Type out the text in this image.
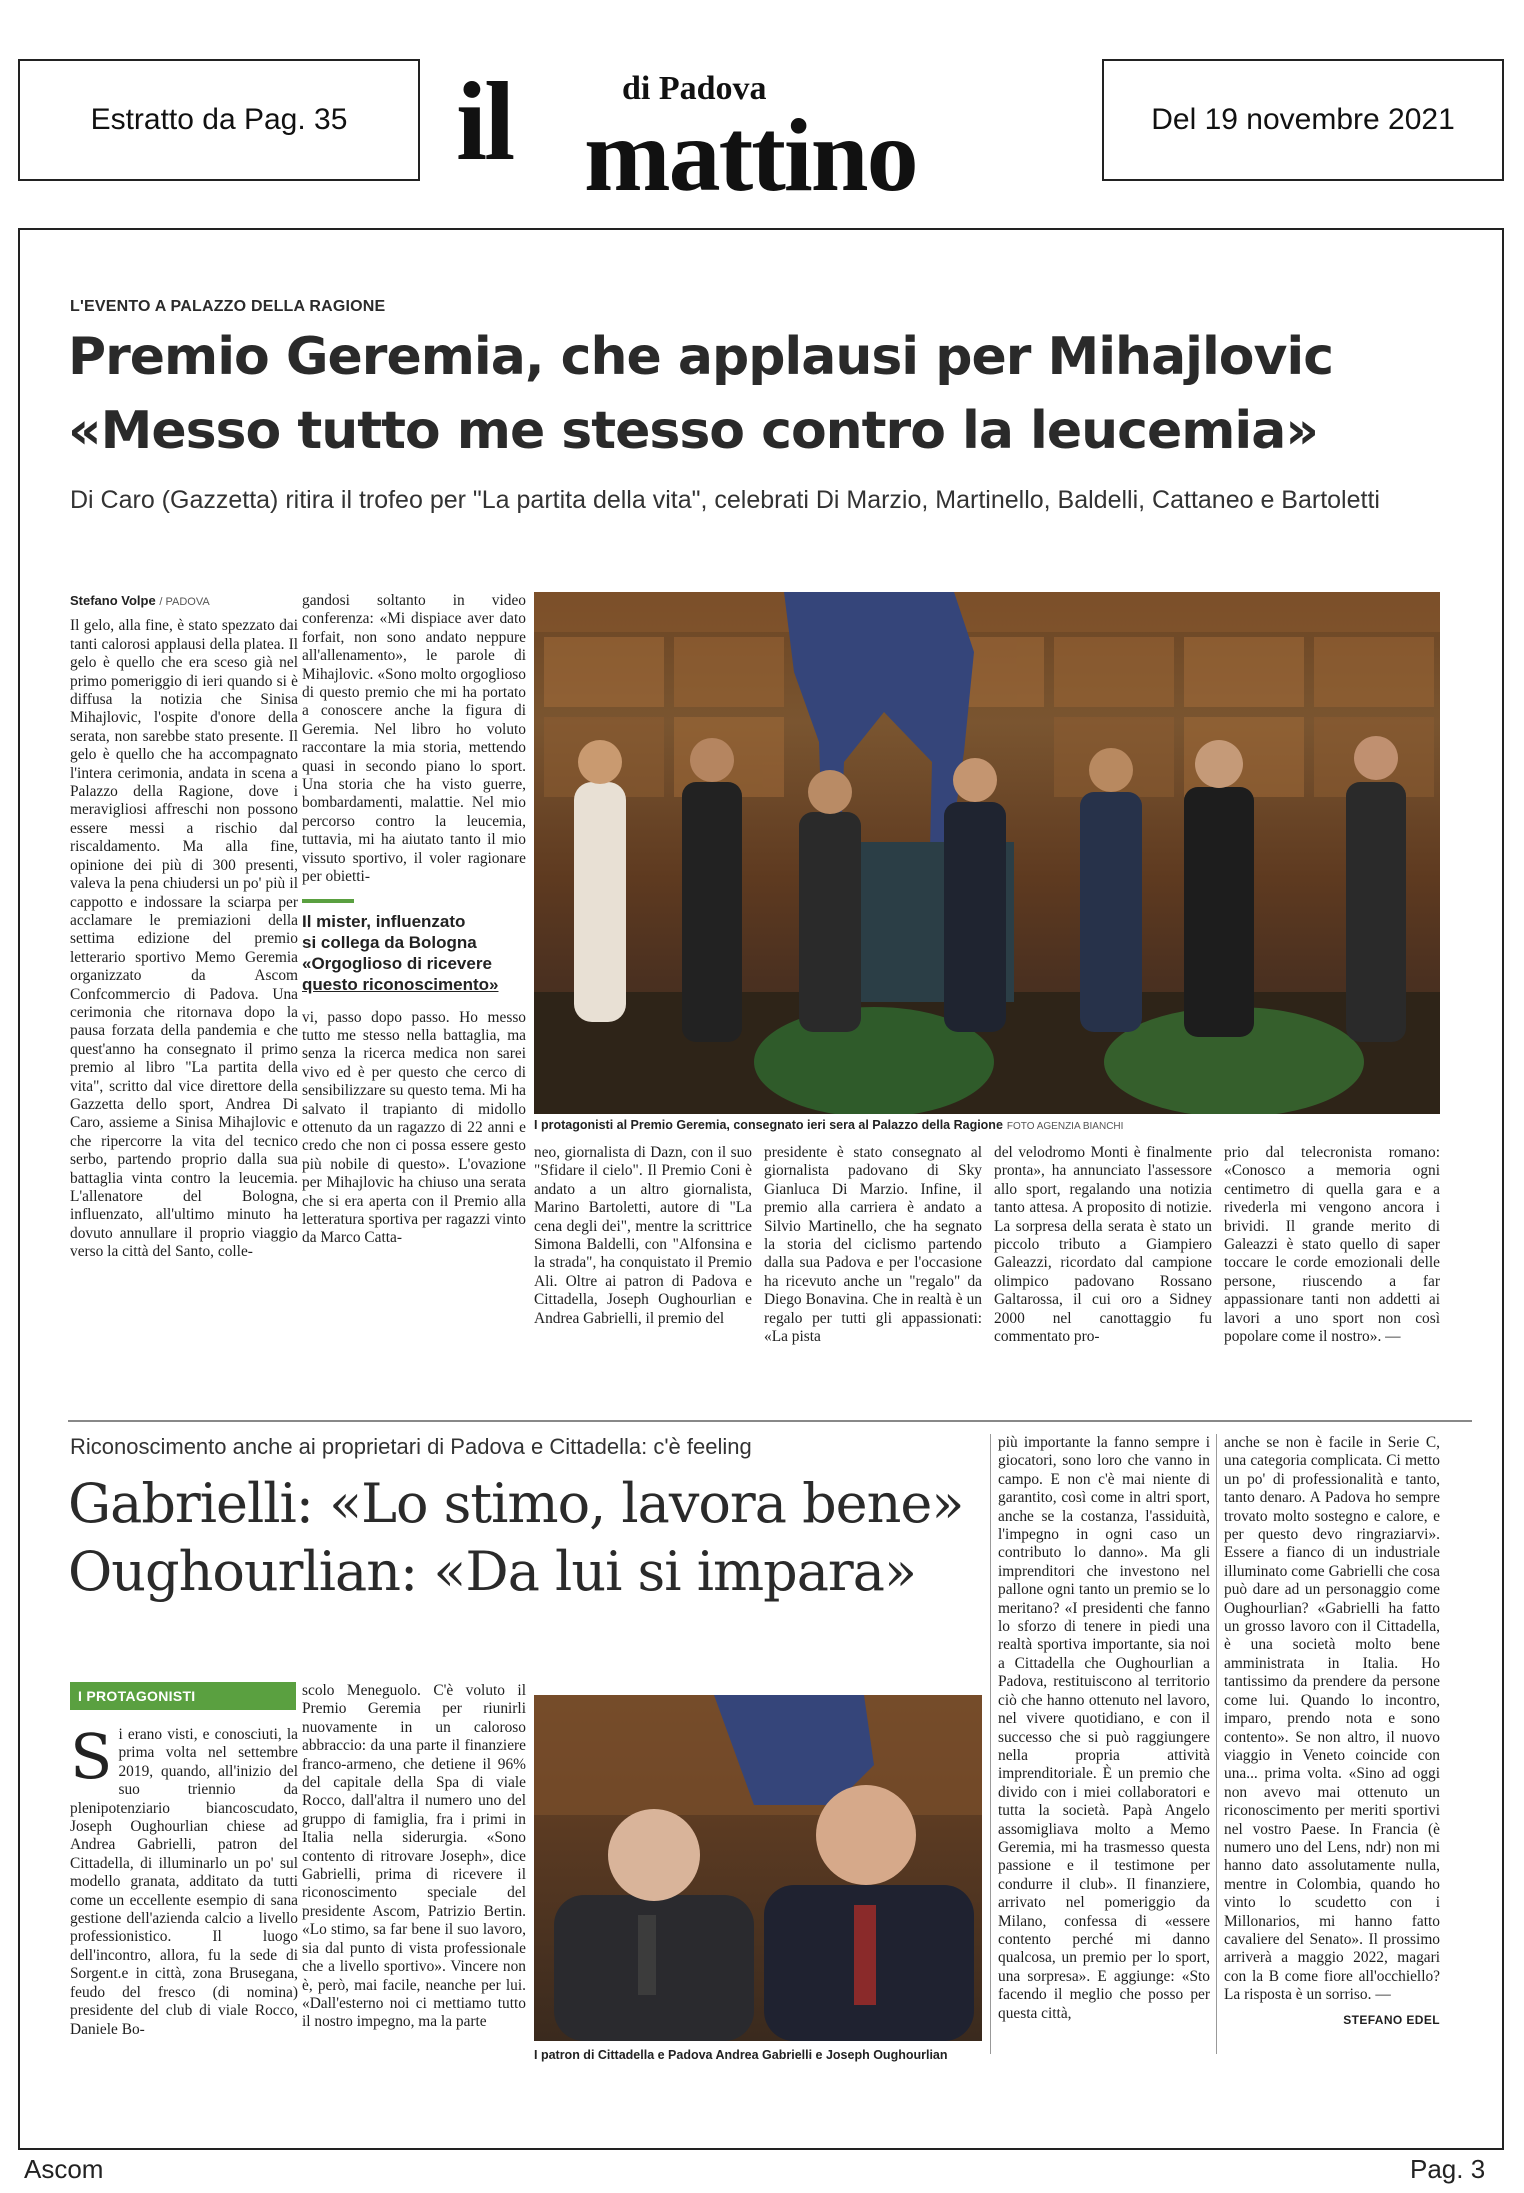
Estratto da Pag. 35 il	di Padova
mattino	Del 19 novembre 2021
L'EVENTO A PALAZZO DELLA RAGIONE
Premio Geremia, che applausi per Mihajlovic
«Messo tutto me stesso contro la leucemia»
Di Caro (Gazzetta) ritira il trofeo per "La partita della vita", celebrati Di Marzio, Martinello, Baldelli, Cattaneo e Bartoletti
Stefano Volpe / PADOVA

Il gelo, alla fine, è stato spezzato dai tanti calorosi applausi della platea. Il gelo è quello che era sceso già nel primo pomeriggio di ieri quando si è diffusa la notizia che Sinisa Mihajlovic, l'ospite d'onore della serata, non sarebbe stato presente. Il gelo è quello che ha accompagnato l'intera cerimonia, andata in scena a Palazzo della Ragione, dove i meravigliosi affreschi non possono essere messi a rischio dal riscaldamento. Ma alla fine, opinione dei più di 300 presenti, valeva la pena chiudersi un po' più il cappotto e indossare la sciarpa per acclamare le premiazioni della settima edizione del premio letterario sportivo Memo Geremia organizzato da Ascom Confcommercio di Padova. Una cerimonia che ritornava dopo la pausa forzata della pandemia e che quest'anno ha consegnato il primo premio al libro "La partita della vita", scritto dal vice direttore della Gazzetta dello sport, Andrea Di Caro, assieme a Sinisa Mihajlovic e che ripercorre la vita del tecnico serbo, partendo proprio dalla sua battaglia vinta contro la leucemia. L'allenatore del Bologna, influenzato, all'ultimo minuto ha dovuto annullare il proprio viaggio verso la città del Santo, colle-

gandosi soltanto in video conferenza: «Mi dispiace aver dato forfait, non sono andato neppure all'allenamento», le parole di Mihajlovic. «Sono molto orgoglioso di questo premio che mi ha portato a conoscere anche la figura di Geremia. Nel libro ho voluto raccontare la mia storia, mettendo quasi in secondo piano lo sport. Una storia che ha visto guerre, bombardamenti, malattie. Nel mio percorso contro la leucemia, tuttavia, mi ha aiutato tanto il mio vissuto sportivo, il voler ragionare per obietti-

Il mister, influenzato
si collega da Bologna
«Orgoglioso di ricevere
questo riconoscimento»

vi, passo dopo passo. Ho messo tutto me stesso nella battaglia, ma senza la ricerca medica non sarei vivo ed è per questo che cerco di sensibilizzare su questo tema. Mi ha salvato il trapianto di midollo ottenuto da un ragazzo di 22 anni e credo che non ci possa essere gesto più nobile di questo». L'ovazione per Mihajlovic ha chiuso una serata che si era aperta con il Premio alla letteratura sportiva per ragazzi vinto da Marco Catta-

I protagonisti al Premio Geremia, consegnato ieri sera al Palazzo della Ragione FOTO AGENZIA BIANCHI

neo, giornalista di Dazn, con il suo "Sfidare il cielo". Il Premio Coni è andato a un altro giornalista, Marino Bartoletti, autore di "La cena degli dei", mentre la scrittrice Simona Baldelli, con "Alfonsina e la strada", ha conquistato il Premio Ali. Oltre ai patron di Padova e Cittadella, Joseph Oughourlian e Andrea Gabrielli, il premio del

presidente è stato consegnato al giornalista padovano di Sky Gianluca Di Marzio. Infine, il premio alla carriera è andato a Silvio Martinello, che ha segnato la storia del ciclismo partendo dalla sua Padova e per l'occasione ha ricevuto anche un "regalo" da Diego Bonavina. Che in realtà è un regalo per tutti gli appassionati: «La pista

del velodromo Monti è finalmente pronta», ha annunciato l'assessore allo sport, regalando una notizia tanto attesa. A proposito di notizie. La sorpresa della serata è stato un piccolo tributo a Giampiero Galeazzi, ricordato dal campione olimpico padovano Rossano Galtarossa, il cui oro a Sidney 2000 nel canottaggio fu commentato pro-

prio dal telecronista romano: «Conosco a memoria ogni centimetro di quella gara e a rivederla mi vengono ancora i brividi. Il grande merito di Galeazzi è stato quello di saper toccare le corde emozionali delle persone, riuscendo a far appassionare tanti non addetti ai lavori a uno sport non così popolare come il nostro». —

Riconoscimento anche ai proprietari di Padova e Cittadella: c'è feeling
Gabrielli: «Lo stimo, lavora bene»
Oughourlian: «Da lui si impara»
I PROTAGONISTI
S i erano visti, e conosciuti, la prima volta nel settembre 2019, quando, all'inizio del suo triennio da plenipotenziario biancoscudato, Joseph Oughourlian chiese ad Andrea Gabrielli, patron del Cittadella, di illuminarlo un po' sul modello granata, additato da tutti come un eccellente esempio di sana gestione dell'azienda calcio a livello professionistico. Il luogo dell'incontro, allora, fu la sede di Sorgent.e in città, zona Brusegana, feudo del fresco (di nomina) presidente del club di viale Rocco, Daniele Bo-

scolo Meneguolo. C'è voluto il Premio Geremia per riunirli nuovamente in un caloroso abbraccio: da una parte il finanziere franco-armeno, che detiene il 96% del capitale della Spa di viale Rocco, dall'altra il numero uno del gruppo di famiglia, fra i primi in Italia nella siderurgia. «Sono contento di ritrovare Joseph», dice Gabrielli, prima di ricevere il riconoscimento speciale del presidente Ascom, Patrizio Bertin. «Lo stimo, sa far bene il suo lavoro, sia dal punto di vista professionale che a livello sportivo». Vincere non è, però, mai facile, neanche per lui. «Dall'esterno noi ci mettiamo tutto il nostro impegno, ma la parte

I patron di Cittadella e Padova Andrea Gabrielli e Joseph Oughourlian

più importante la fanno sempre i giocatori, sono loro che vanno in campo. E non c'è mai niente di garantito, così come in altri sport, anche se la costanza, l'assiduità, l'impegno in ogni caso un contributo lo danno». Ma gli imprenditori che investono nel pallone ogni tanto un premio se lo meritano? «I presidenti che fanno lo sforzo di tenere in piedi una realtà sportiva importante, sia noi a Cittadella che Oughourlian a Padova, restituiscono al territorio ciò che hanno ottenuto nel lavoro, nel vivere quotidiano, e con il successo che si può raggiungere nella propria attività imprenditoriale. È un premio che divido con i miei collaboratori e tutta la società. Papà Angelo assomigliava molto a Memo Geremia, mi ha trasmesso questa passione e il testimone per condurre il club». Il finanziere, arrivato nel pomeriggio da Milano, confessa di «essere contento perché mi danno qualcosa, un premio per lo sport, una sorpresa». E aggiunge: «Sto facendo il meglio che posso per questa città,

anche se non è facile in Serie C, una categoria complicata. Ci metto un po' di professionalità e tanto, tanto denaro. A Padova ho sempre trovato molto sostegno e calore, e per questo devo ringraziarvi». Essere a fianco di un industriale illuminato come Gabrielli che cosa può dare ad un personaggio come Oughourlian? «Gabrielli ha fatto un grosso lavoro con il Cittadella, è una società molto bene amministrata in Italia. Ho tantissimo da prendere da persone come lui. Quando lo incontro, imparo, prendo nota e sono contento». Se non altro, il nuovo viaggio in Veneto coincide con una... prima volta. «Sino ad oggi non avevo mai ottenuto un riconoscimento per meriti sportivi nel vostro Paese. In Francia (è numero uno del Lens, ndr) non mi hanno dato assolutamente nulla, mentre in Colombia, quando ho vinto lo scudetto con i Millonarios, mi hanno fatto cavaliere del Senato». Il prossimo arriverà a maggio 2022, magari con la B come fiore all'occhiello? La risposta è un sorriso. —

STEFANO EDEL
Ascom	Pag. 3
